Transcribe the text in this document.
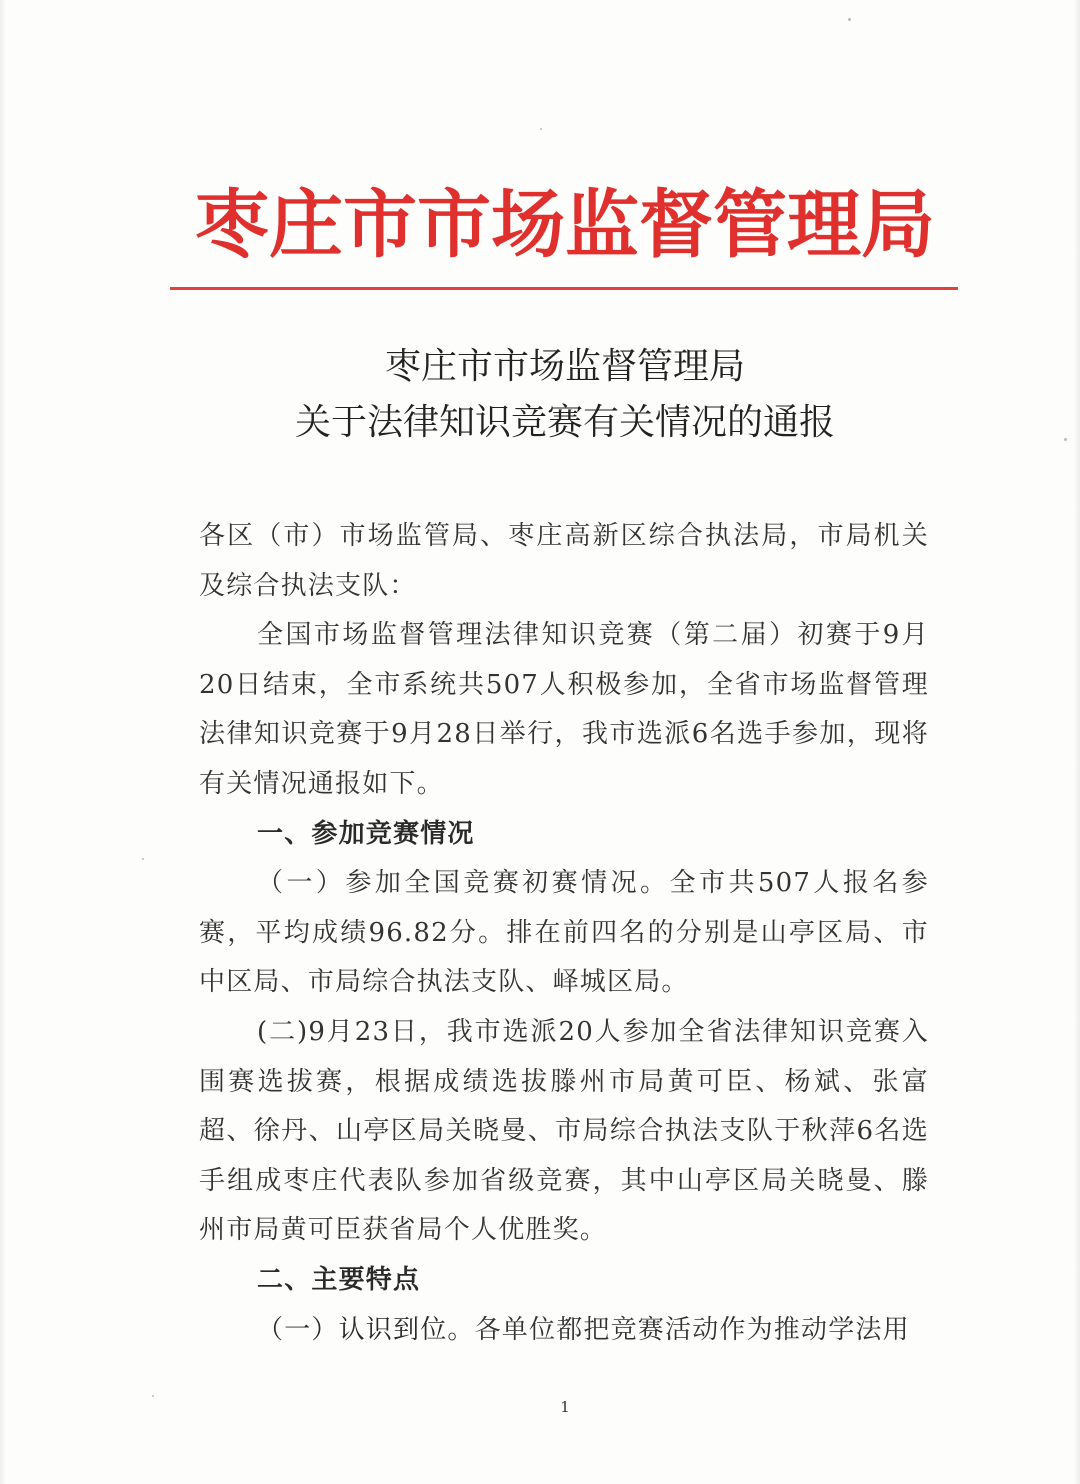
枣庄市市场监督管理局
枣庄市市场监督管理局
关于法律知识竞赛有关情况的通报

各区（市）市场监管局、枣庄高新区综合执法局，市局机关及综合执法支队：

全国市场监督管理法律知识竞赛（第二届）初赛于9月20日结束，全市系统共507人积极参加，全省市场监督管理法律知识竞赛于9月28日举行，我市选派6名选手参加，现将有关情况通报如下。

一、参加竞赛情况

（一）参加全国竞赛初赛情况。全市共507人报名参赛，平均成绩96.82分。排在前四名的分别是山亭区局、市中区局、市局综合执法支队、峄城区局。

(二)9月23日，我市选派20人参加全省法律知识竞赛入围赛选拔赛，根据成绩选拔滕州市局黄可臣、杨斌、张富超、徐丹、山亭区局关晓曼、市局综合执法支队于秋萍6名选手组成枣庄代表队参加省级竞赛，其中山亭区局关晓曼、滕州市局黄可臣获省局个人优胜奖。

二、主要特点

（一）认识到位。各单位都把竞赛活动作为推动学法用

1
